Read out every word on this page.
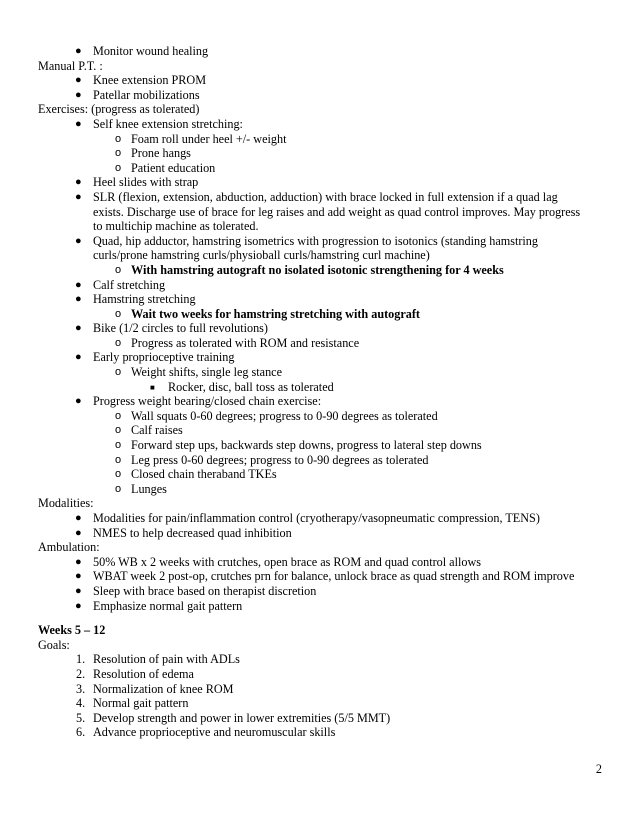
● Monitor wound healing
Manual P.T. :
● Knee extension PROM
● Patellar mobilizations
Exercises: (progress as tolerated)
● Self knee extension stretching:
o Foam roll under heel +/- weight
o Prone hangs
o Patient education
● Heel slides with strap
● SLR (flexion, extension, abduction, adduction) with brace locked in full extension if a quad lag
exists. Discharge use of brace for leg raises and add weight as quad control improves. May progress
to multichip machine as tolerated.
● Quad, hip adductor, hamstring isometrics with progression to isotonics (standing hamstring
curls/prone hamstring curls/physioball curls/hamstring curl machine)
o With hamstring autograft no isolated isotonic strengthening for 4 weeks
● Calf stretching
● Hamstring stretching
o Wait two weeks for hamstring stretching with autograft
● Bike (1/2 circles to full revolutions)
o Progress as tolerated with ROM and resistance
● Early proprioceptive training
o Weight shifts, single leg stance
■ Rocker, disc, ball toss as tolerated
● Progress weight bearing/closed chain exercise:
o Wall squats 0-60 degrees; progress to 0-90 degrees as tolerated
o Calf raises
o Forward step ups, backwards step downs, progress to lateral step downs
o Leg press 0-60 degrees; progress to 0-90 degrees as tolerated
o Closed chain theraband TKEs
o Lunges
Modalities:
● Modalities for pain/inflammation control (cryotherapy/vasopneumatic compression, TENS)
● NMES to help decreased quad inhibition
Ambulation:
● 50% WB x 2 weeks with crutches, open brace as ROM and quad control allows
● WBAT week 2 post-op, crutches prn for balance, unlock brace as quad strength and ROM improve
● Sleep with brace based on therapist discretion
● Emphasize normal gait pattern
Weeks 5 – 12
Goals:
1. Resolution of pain with ADLs
2. Resolution of edema
3. Normalization of knee ROM
4. Normal gait pattern
5. Develop strength and power in lower extremities (5/5 MMT)
6. Advance proprioceptive and neuromuscular skills
2
